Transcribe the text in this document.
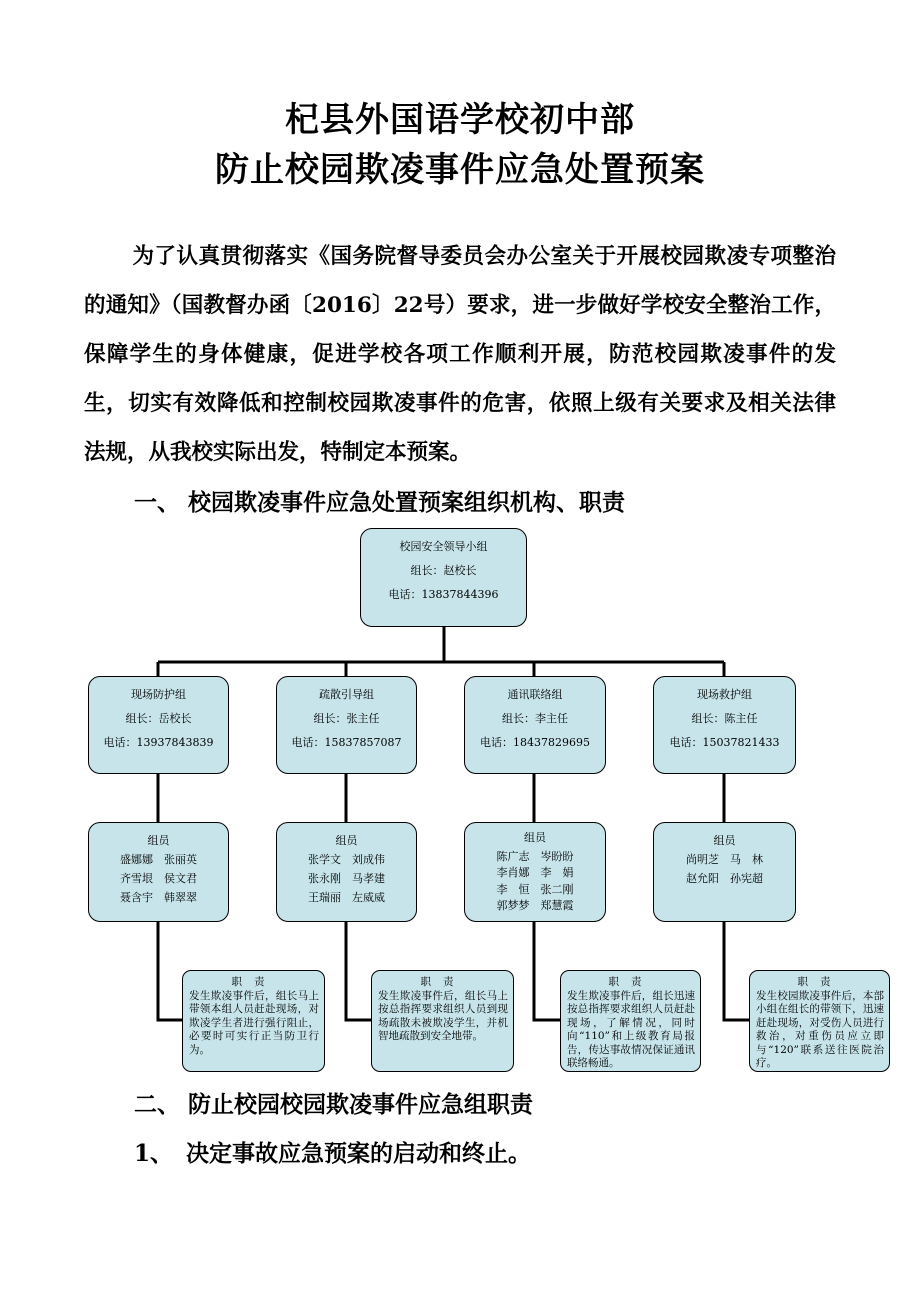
杞县外国语学校初中部
防止校园欺凌事件应急处置预案
为了认真贯彻落实《国务院督导委员会办公室关于开展校园欺凌专项整治的通知》（国教督办函〔2016〕22号）要求，进一步做好学校安全整治工作，保障学生的身体健康，促进学校各项工作顺利开展，防范校园欺凌事件的发生，切实有效降低和控制校园欺凌事件的危害，依照上级有关要求及相关法律法规，从我校实际出发，特制定本预案。
一、 校园欺凌事件应急处置预案组织机构、职责
校园安全领导小组
组长：赵校长
电话：13837844396
现场防护组
组长：岳校长
电话：13937843839
疏散引导组
组长：张主任
电话：15837857087
通讯联络组
组长：李主任
电话：18437829695
现场救护组
组长：陈主任
电话：15037821433
组员
盛娜娜　张丽英
齐雪垠　侯文君
聂含宇　韩翠翠
组员
张学文　刘成伟
张永刚　马孝建
王瑞丽　左威威
组员
陈广志　岑盼盼
李肖娜　李　娟
李　恒　张二刚
郭梦梦　郑慧霞
组员
尚明芝　马　林
赵允阳　孙宪超
职责
发生欺凌事件后，组长马上带领本组人员赶赴现场，对欺凌学生者进行强行阻止，必要时可实行正当防卫行为。
职责
发生欺凌事件后，组长马上按总指挥要求组织人员到现场疏散未被欺凌学生，并机智地疏散到安全地带。
职责
发生欺凌事件后，组长迅速按总指挥要求组织人员赶赴现场，了解情况，同时向“110”和上级教育局报告，传达事故情况保证通讯联络畅通。
职责
发生校园欺凌事件后，本部小组在组长的带领下，迅速赶赴现场，对受伤人员进行救治，对重伤员应立即与“120”联系送往医院治疗。
二、 防止校园校园欺凌事件应急组职责
1、 决定事故应急预案的启动和终止。
